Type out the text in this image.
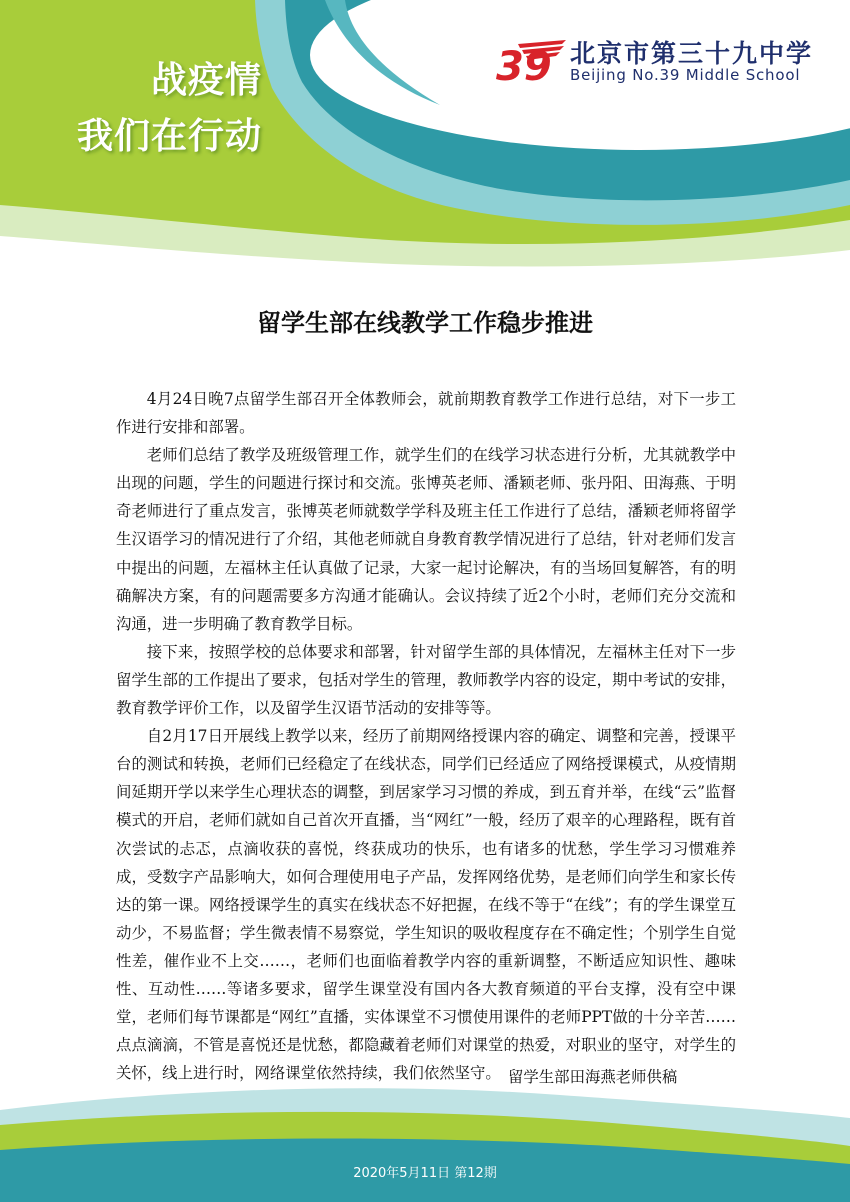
战疫情
我们在行动
39 北京市第三十九中学
Beijing No.39 Middle School
留学生部在线教学工作稳步推进

4月24日晚7点留学生部召开全体教师会，就前期教育教学工作进行总结，对下一步工作进行安排和部署。

老师们总结了教学及班级管理工作，就学生们的在线学习状态进行分析，尤其就教学中出现的问题，学生的问题进行探讨和交流。张博英老师、潘颖老师、张丹阳、田海燕、于明奇老师进行了重点发言，张博英老师就数学学科及班主任工作进行了总结，潘颖老师将留学生汉语学习的情况进行了介绍，其他老师就自身教育教学情况进行了总结，针对老师们发言中提出的问题，左福林主任认真做了记录，大家一起讨论解决，有的当场回复解答，有的明确解决方案，有的问题需要多方沟通才能确认。会议持续了近2个小时，老师们充分交流和沟通，进一步明确了教育教学目标。

接下来，按照学校的总体要求和部署，针对留学生部的具体情况，左福林主任对下一步留学生部的工作提出了要求，包括对学生的管理，教师教学内容的设定，期中考试的安排，教育教学评价工作，以及留学生汉语节活动的安排等等。

自2月17日开展线上教学以来，经历了前期网络授课内容的确定、调整和完善，授课平台的测试和转换，老师们已经稳定了在线状态，同学们已经适应了网络授课模式，从疫情期间延期开学以来学生心理状态的调整，到居家学习习惯的养成，到五育并举，在线“云”监督模式的开启，老师们就如自己首次开直播，当“网红”一般，经历了艰辛的心理路程，既有首次尝试的忐忑，点滴收获的喜悦，终获成功的快乐，也有诸多的忧愁，学生学习习惯难养成，受数字产品影响大，如何合理使用电子产品，发挥网络优势，是老师们向学生和家长传达的第一课。网络授课学生的真实在线状态不好把握，在线不等于“在线”；有的学生课堂互动少，不易监督；学生微表情不易察觉，学生知识的吸收程度存在不确定性；个别学生自觉性差，催作业不上交……，老师们也面临着教学内容的重新调整，不断适应知识性、趣味性、互动性……等诸多要求，留学生课堂没有国内各大教育频道的平台支撑，没有空中课堂，老师们每节课都是“网红”直播，实体课堂不习惯使用课件的老师PPT做的十分辛苦……点点滴滴，不管是喜悦还是忧愁，都隐藏着老师们对课堂的热爱，对职业的坚守，对学生的关怀，线上进行时，网络课堂依然持续，我们依然坚守。 留学生部田海燕老师供稿
2020年5月11日 第12期
